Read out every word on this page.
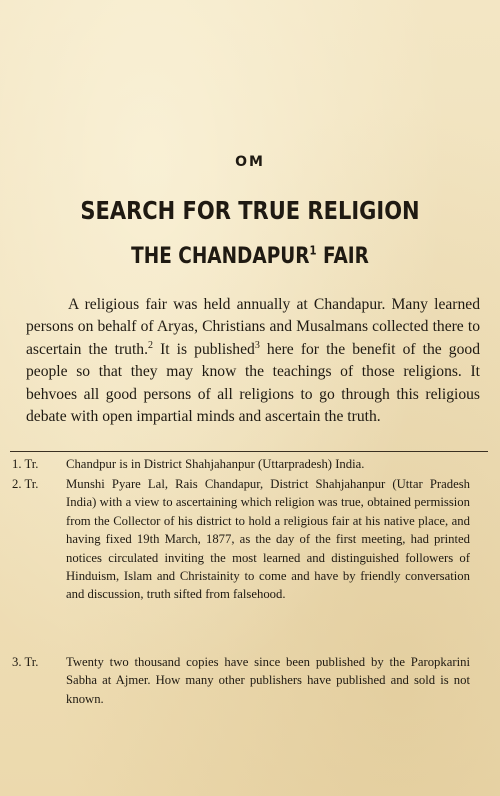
OM
SEARCH FOR TRUE RELIGION
THE CHANDAPUR$^1$ FAIR

A religious fair was held annually at Chandapur. Many learned persons on behalf of Aryas, Christians and Musalmans collected there to ascertain the truth.$^2$ It is published$^3$ here for the benefit of the good people so that they may know the teachings of those religions. It behvoes all good persons of all religions to go through this religious debate with open impartial minds and ascertain the truth.

1. Tr.	Chandpur is in District Shahjahanpur (Uttarpradesh) India.
2. Tr.	Munshi Pyare Lal, Rais Chandapur, District Shahjahanpur (Uttar Pradesh India) with a view to ascertaining which religion was true, obtained permission from the Collector of his district to hold a religious fair at his native place, and having fixed 19th March, 1877, as the day of the first meeting, had printed notices circulated inviting the most learned and distinguished followers of Hinduism, Islam and Christainity to come and have by friendly conversation and discussion, truth sifted from falsehood.
3. Tr.	Twenty two thousand copies have since been published by the Paropkarini Sabha at Ajmer. How many other publishers have published and sold is not known.
